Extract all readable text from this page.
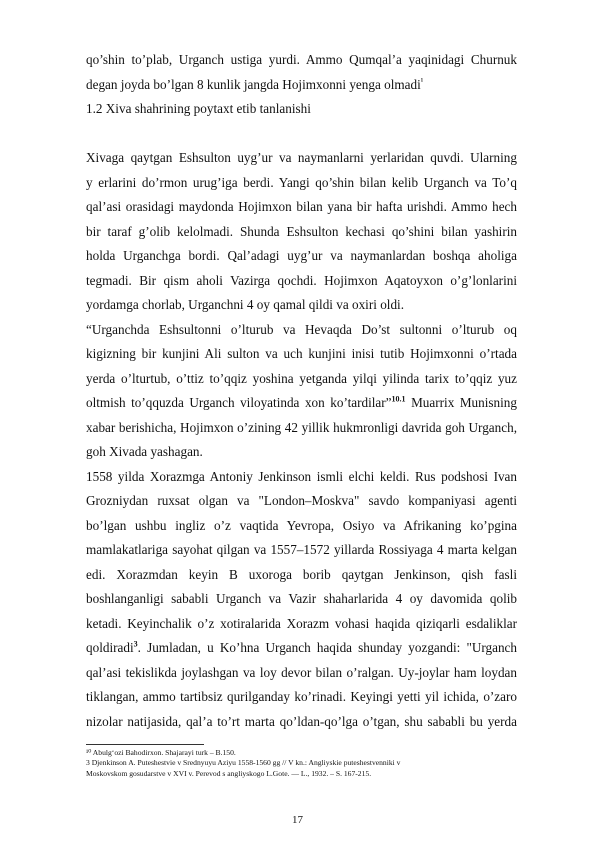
qo’shin to’plab, Urganch ustiga yurdi. Ammo Qumqal’a yaqinidagi Churnuk
degan joyda bo’lgan 8 kunlik jangda Hojimxonni yenga olmadi$^{^1}$
1.2 Xiva shahrining poytaxt etib tanlanishi
Xivaga qaytgan Eshsulton uyg’ur va naymanlarni yerlaridan quvdi. Ularning
y erlarini do’rmon urug’iga berdi. Yangi qo’shin bilan kelib Urganch va To’q
qal’asi orasidagi maydonda Hojimxon bilan yana bir hafta urishdi. Ammo hech
bir taraf g’olib kelolmadi. Shunda Eshsulton kechasi qo’shini bilan yashirin
holda Urganchga bordi. Qal’adagi uyg’ur va naymanlardan boshqa aholiga
tegmadi. Bir qism aholi Vazirga qochdi. Hojimxon Aqatoyxon o’g’lonlarini
yordamga chorlab, Urganchni 4 oy qamal qildi va oxiri oldi.
“Urganchda Eshsultonni o’lturub va Hevaqda Do’st sultonni o’lturub oq
kigizning bir kunjini Ali sulton va uch kunjini inisi tutib Hojimxonni o’rtada
yerda o’lturtub, o’ttiz to’qqiz yoshina yetganda yilqi yilinda tarix to’qqiz yuz
oltmish to’qquzda Urganch viloyatinda xon ko’tardilar”$^{10.1}$ Muarrix Munisning
xabar berishicha, Hojimxon o’zining 42 yillik hukmronligi davrida goh Urganch,
goh Xivada yashagan.
1558 yilda Xorazmga Antoniy Jenkinson ismli elchi keldi. Rus podshosi Ivan
Grozniydan ruxsat olgan va "London–Moskva" savdo kompaniyasi agenti
bo’lgan ushbu ingliz o’z vaqtida Yevropa, Osiyo va Afrikaning ko’pgina
mamlakatlariga sayohat qilgan va 1557–1572 yillarda Rossiyaga 4 marta kelgan
edi. Xorazmdan keyin B uxoroga borib qaytgan Jenkinson, qish fasli
boshlanganligi sababli Urganch va Vazir shaharlarida 4 oy davomida qolib
ketadi. Keyinchalik o’z xotiralarida Xorazm vohasi haqida qiziqarli esdaliklar
qoldiradi$^3$. Jumladan, u Ko’hna Urganch haqida shunday yozgandi: "Urganch
qal’asi tekislikda joylashgan va loy devor bilan o’ralgan. Uy-joylar ham loydan
tiklangan, ammo tartibsiz qurilganday ko’rinadi. Keyingi yetti yil ichida, o’zaro
nizolar natijasida, qal’a to’rt marta qo’ldan-qo’lga o’tgan, shu sababli bu yerda
¹⁰ Abulg‘ozi Bahodirxon. Shajarayi turk – B.150.
3 Djenkinson A. Puteshestvie v Srednyuyu Aziyu 1558-1560 gg // V kn.: Angliyskie puteshestvenniki v
Moskovskom gosudarstve v XVI v. Perevod s angliyskogo L.Gote. — L., 1932. – S. 167-215.
17
